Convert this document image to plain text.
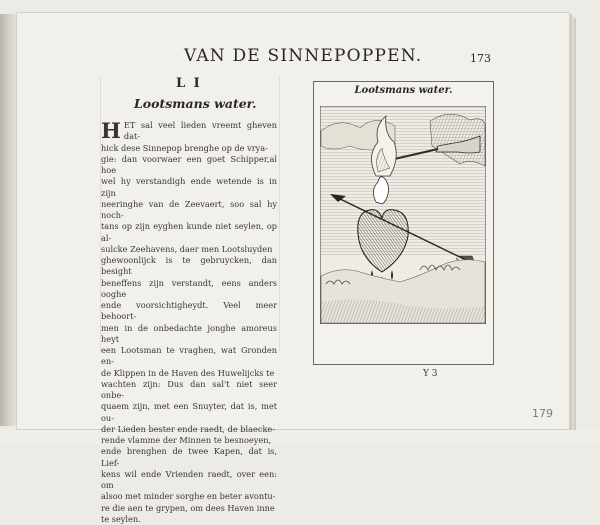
VAN DE SINNEPOPPEN.	173
L I
Lootsmans water.
H ET sal veel lieden vreemt gheven dat-

hick dese Sinnepop brenghe op de vrya-

gie: dan voorwaer een goet Schipper,al hoe

wel hy verstandigh ende wetende is in zijn

neeringhe van de Zeevaert, soo sal hy noch-

tans op zijn eyghen kunde niet seylen, op al-

sulcke Zeehavens, daer men Lootsluyden

ghewoonlijck is te gebruycken, dan besight

beneffens zijn verstandt, eens anders ooghe

ende voorsichtigheydt. Veel meer behoort-

men in de onbedachte jonghe amoreus heyt

een Lootsman te vraghen, wat Gronden en-

de Klippen in de Haven des Huwelijcks te

wachten zijn: Dus dan sal't niet seer onbe-

quaem zijn, met een Snuyter, dat is, met ou-

der Lieden bester ende raedt, de blaecke-

rende vlamme der Minnen te besnoeyen,

ende brenghen de twee Kapen, dat is, Lief-

kens wil ende Vrienden raedt, over een: om

alsoo met minder sorghe en beter avontu-

re die aen te grypen, om dees Haven inne

te seylen.

Lootsmans water.
Y 3
179
